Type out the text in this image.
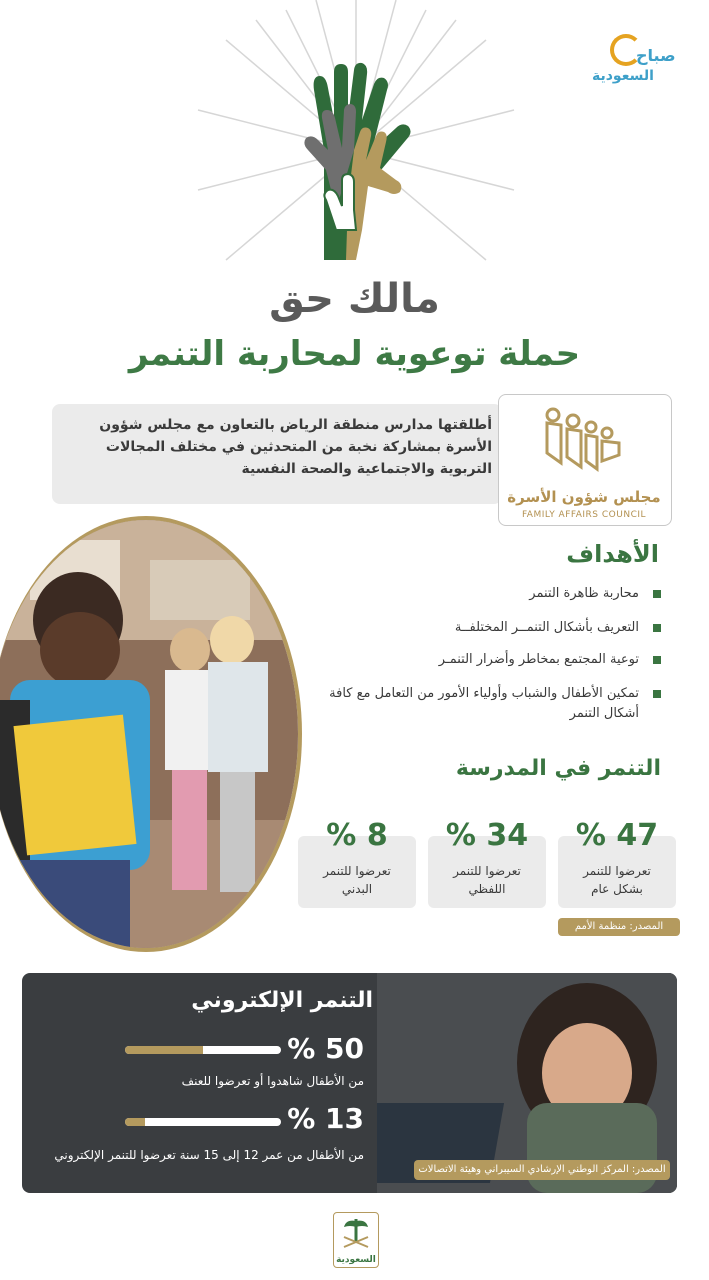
صباح
السعودية
مالك حق
حملة توعوية لمحاربة التنمر
أطلقتها مدارس منطقة الرياض بالتعاون مع مجلس شؤون الأسرة بمشاركة نخبة من المتحدثين في مختلف المجالات التربوية والاجتماعية والصحة النفسية
مجلس شؤون الأسرة
FAMILY AFFAIRS COUNCIL
الأهداف
محاربة ظاهرة التنمر
التعريف بأشكال التنمــر المختلفــة
توعية المجتمع بمخاطر وأضرار التنمـر
تمكين الأطفال والشباب وأولياء الأمور من التعامل مع كافة أشكال التنمر
التنمر في المدرسة
47 %
34 %
8 %
تعرضوا للتنمر بشكل عام
تعرضوا للتنمر اللفظي
تعرضوا للتنمر البدني
المصدر: منظمة الأمم المتحدة
التنمر الإلكتروني
50 %
من الأطفال شاهدوا أو تعرضوا للعنف
13 %
من الأطفال من عمر 12 إلى 15 سنة تعرضوا للتنمر الإلكتروني
المصدر: المركز الوطني الإرشادي السيبراني وهيئة الاتصالات
السعودية
